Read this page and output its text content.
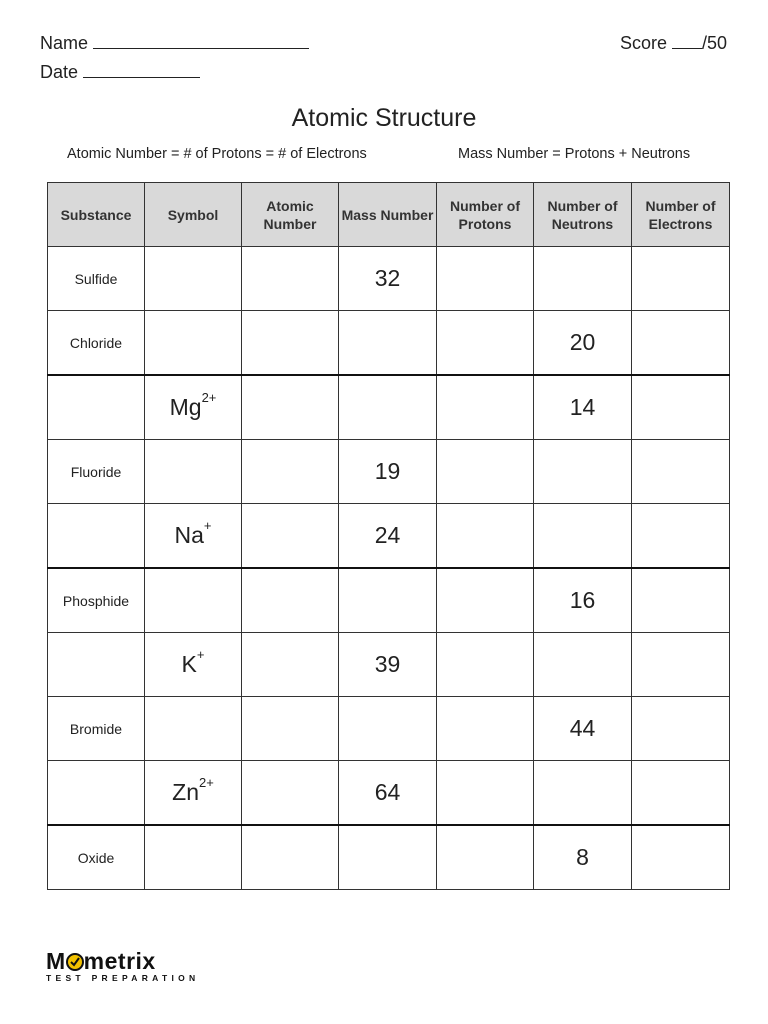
Name
Date
Score /50
Atomic Structure
Atomic Number = # of Protons = # of Electrons	Mass Number = Protons + Neutrons
Substance	Symbol	Atomic Number	Mass Number	Number of Protons	Number of Neutrons	Number of Electrons
Sulfide			32			
Chloride					20	
	$Mg^{2+}$				14	
Fluoride			19			
	Na+		24			
Phosphide					16	
	K+		39			
Bromide					44	
	$Zn^{2+}$		64			
Oxide					8	
M metrix
TEST PREPARATION
